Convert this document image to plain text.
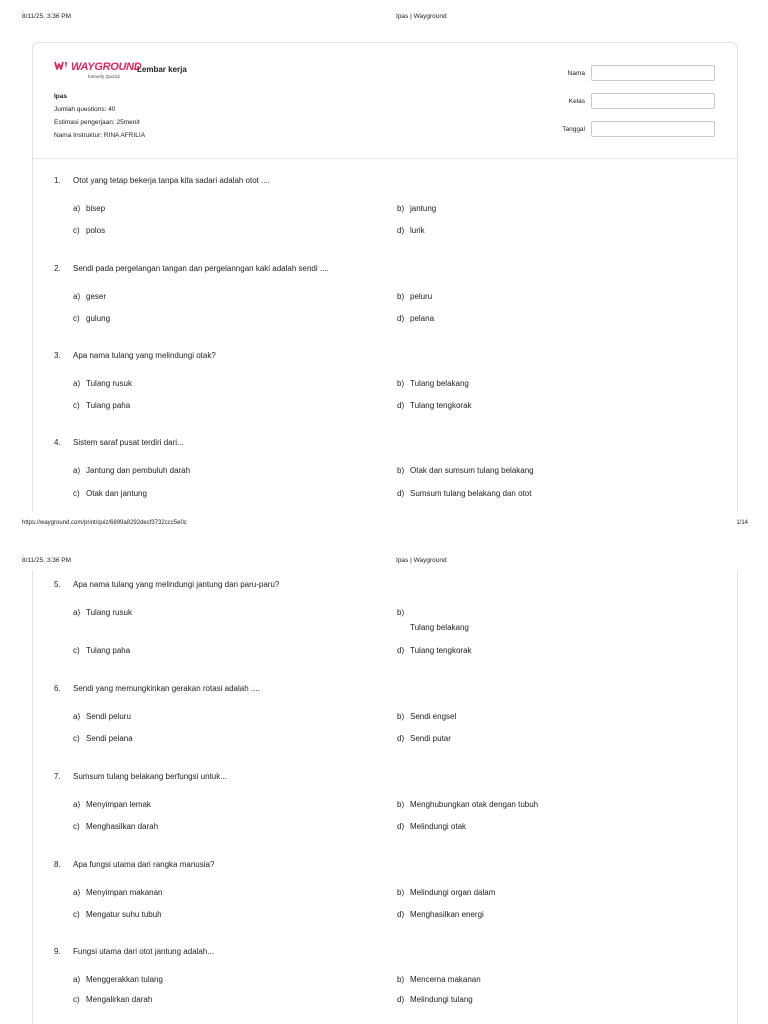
8/11/25, 3:36 PM	Ipas | Wayground
WAYGROUND
formerly Quizizz
Lembar kerja
Ipas
Jumlah questions: 40
Estimasi pengerjaan: 25menit
Nama Instruktur: RINA AFRILIA
Nama
Kelas
Tanggal
1. Otot yang tetap bekerja tanpa kita sadari adalah otot ....
a) bisep	b) jantung
c) polos	d) lurik
2. Sendi pada pergelangan tangan dan pergelanngan kaki adalah sendi ....
a) geser	b) peluru
c) gulung	d) pelana
3. Apa nama tulang yang melindungi otak?
a) Tulang rusuk	b) Tulang belakang
c) Tulang paha	d) Tulang tengkorak
4. Sistem saraf pusat terdiri dari...
a) Jantung dan pembuluh darah	b) Otak dan sumsum tulang belakang
c) Otak dan jantung	d) Sumsum tulang belakang dan otot
https://wayground.com/print/quiz/6899a8292decf3732ccc5e0c	1/14
8/11/25, 3:36 PM	Ipas | Wayground
5. Apa nama tulang yang melindungi jantung dan paru-paru?
a) Tulang rusuk	b)
Tulang belakang
c) Tulang paha	d) Tulang tengkorak
6. Sendi yang memungkinkan gerakan rotasi adalah ....
a) Sendi peluru	b) Sendi engsel
c) Sendi pelana	d) Sendi putar
7. Sumsum tulang belakang berfungsi untuk...
a) Menyimpan lemak	b) Menghubungkan otak dengan tubuh
c) Menghasilkan darah	d) Melindungi otak
8. Apa fungsi utama dari rangka manusia?
a) Menyimpan makanan	b) Melindungi organ dalam
c) Mengatur suhu tubuh	d) Menghasilkan energi
9. Fungsi utama dari otot jantung adalah...
a) Menggerakkan tulang	b) Mencerna makanan
c) Mengalirkan darah	d) Melindungi tulang
